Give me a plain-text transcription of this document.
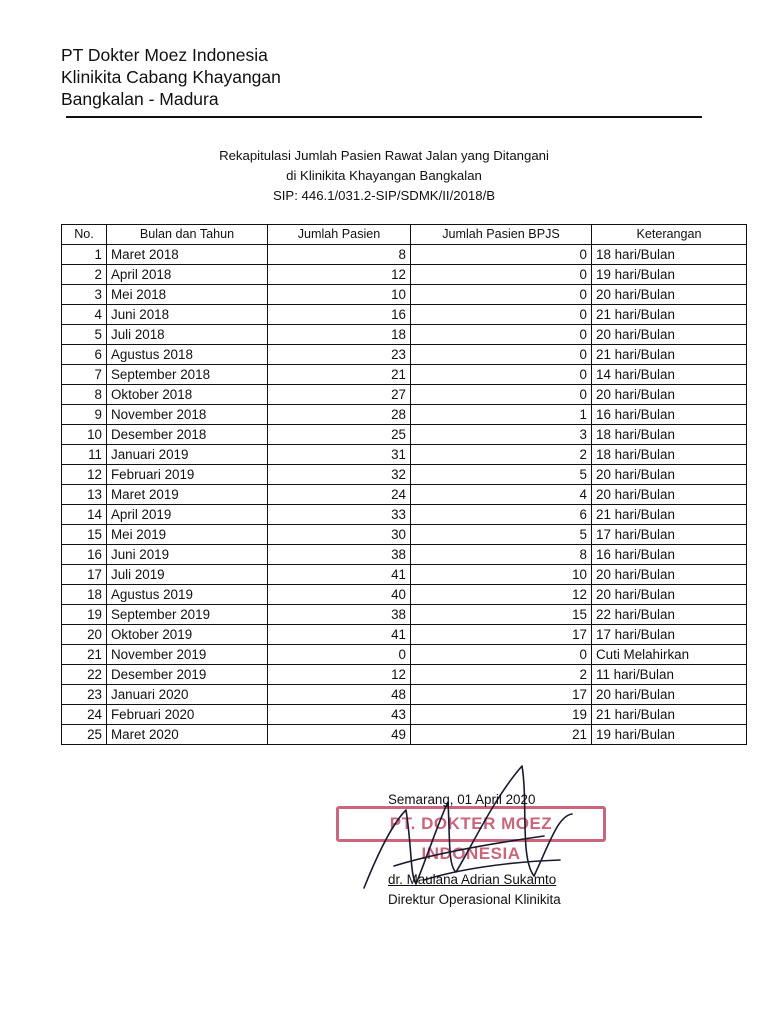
PT Dokter Moez Indonesia
Klinikita Cabang Khayangan
Bangkalan - Madura
Rekapitulasi Jumlah Pasien Rawat Jalan yang Ditangani
di Klinikita Khayangan Bangkalan
SIP: 446.1/031.2-SIP/SDMK/II/2018/B
No.	Bulan dan Tahun	Jumlah Pasien	Jumlah Pasien BPJS	Keterangan
1	Maret 2018	8	0	18 hari/Bulan
2	April 2018	12	0	19 hari/Bulan
3	Mei 2018	10	0	20 hari/Bulan
4	Juni 2018	16	0	21 hari/Bulan
5	Juli 2018	18	0	20 hari/Bulan
6	Agustus 2018	23	0	21 hari/Bulan
7	September 2018	21	0	14 hari/Bulan
8	Oktober 2018	27	0	20 hari/Bulan
9	November 2018	28	1	16 hari/Bulan
10	Desember 2018	25	3	18 hari/Bulan
11	Januari 2019	31	2	18 hari/Bulan
12	Februari 2019	32	5	20 hari/Bulan
13	Maret 2019	24	4	20 hari/Bulan
14	April 2019	33	6	21 hari/Bulan
15	Mei 2019	30	5	17 hari/Bulan
16	Juni 2019	38	8	16 hari/Bulan
17	Juli 2019	41	10	20 hari/Bulan
18	Agustus 2019	40	12	20 hari/Bulan
19	September 2019	38	15	22 hari/Bulan
20	Oktober 2019	41	17	17 hari/Bulan
21	November 2019	0	0	Cuti Melahirkan
22	Desember 2019	12	2	11 hari/Bulan
23	Januari 2020	48	17	20 hari/Bulan
24	Februari 2020	43	19	21 hari/Bulan
25	Maret 2020	49	21	19 hari/Bulan
PT. DOKTER MOEZ INDONESIA
Semarang, 01 April 2020
dr. Maulana Adrian Sukamto
Direktur Operasional Klinikita
